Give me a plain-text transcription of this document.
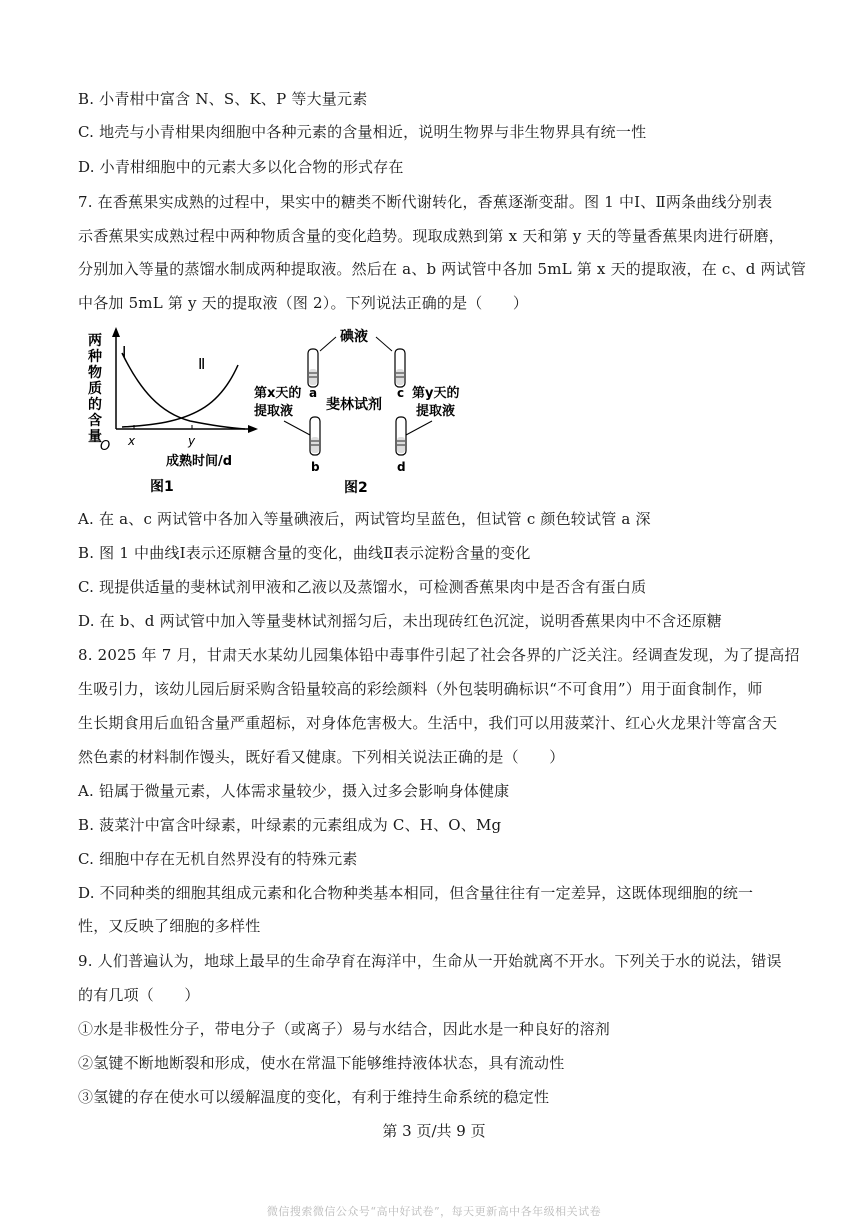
B. 小青柑中富含 N、S、K、P 等大量元素
C. 地壳与小青柑果肉细胞中各种元素的含量相近，说明生物界与非生物界具有统一性
D. 小青柑细胞中的元素大多以化合物的形式存在
7. 在香蕉果实成熟的过程中，果实中的糖类不断代谢转化，香蕉逐渐变甜。图 1 中Ⅰ、Ⅱ两条曲线分别表
示香蕉果实成熟过程中两种物质含量的变化趋势。现取成熟到第 x 天和第 y 天的等量香蕉果肉进行研磨，
分别加入等量的蒸馏水制成两种提取液。然后在 a、b 两试管中各加 5mL 第 x 天的提取液，在 c、d 两试管
中各加 5mL 第 y 天的提取液（图 2）。下列说法正确的是（　　）
两
种
物
质
的
含
量
Ⅰ
Ⅱ
O x	y
成熟时间/d
图1
碘液
a	c
第x天的
提取液
第y天的
提取液
斐林试剂
b	d
图2
A. 在 a、c 两试管中各加入等量碘液后，两试管均呈蓝色，但试管 c 颜色较试管 a 深
B. 图 1 中曲线Ⅰ表示还原糖含量的变化，曲线Ⅱ表示淀粉含量的变化
C. 现提供适量的斐林试剂甲液和乙液以及蒸馏水，可检测香蕉果肉中是否含有蛋白质
D. 在 b、d 两试管中加入等量斐林试剂摇匀后，未出现砖红色沉淀，说明香蕉果肉中不含还原糖
8. 2025 年 7 月，甘肃天水某幼儿园集体铅中毒事件引起了社会各界的广泛关注。经调查发现，为了提高招
生吸引力，该幼儿园后厨采购含铅量较高的彩绘颜料（外包装明确标识“不可食用”）用于面食制作，师
生长期食用后血铅含量严重超标，对身体危害极大。生活中，我们可以用菠菜汁、红心火龙果汁等富含天
然色素的材料制作馒头，既好看又健康。下列相关说法正确的是（　　）
A. 铅属于微量元素，人体需求量较少，摄入过多会影响身体健康
B. 菠菜汁中富含叶绿素，叶绿素的元素组成为 C、H、O、Mg
C. 细胞中存在无机自然界没有的特殊元素
D. 不同种类的细胞其组成元素和化合物种类基本相同，但含量往往有一定差异，这既体现细胞的统一
性，又反映了细胞的多样性
9. 人们普遍认为，地球上最早的生命孕育在海洋中，生命从一开始就离不开水。下列关于水的说法，错误
的有几项（　　）
①水是非极性分子，带电分子（或离子）易与水结合，因此水是一种良好的溶剂
②氢键不断地断裂和形成，使水在常温下能够维持液体状态，具有流动性
③氢键的存在使水可以缓解温度的变化，有利于维持生命系统的稳定性
第 3 页/共 9 页
微信搜索微信公众号“高中好试卷”，每天更新高中各年级相关试卷
